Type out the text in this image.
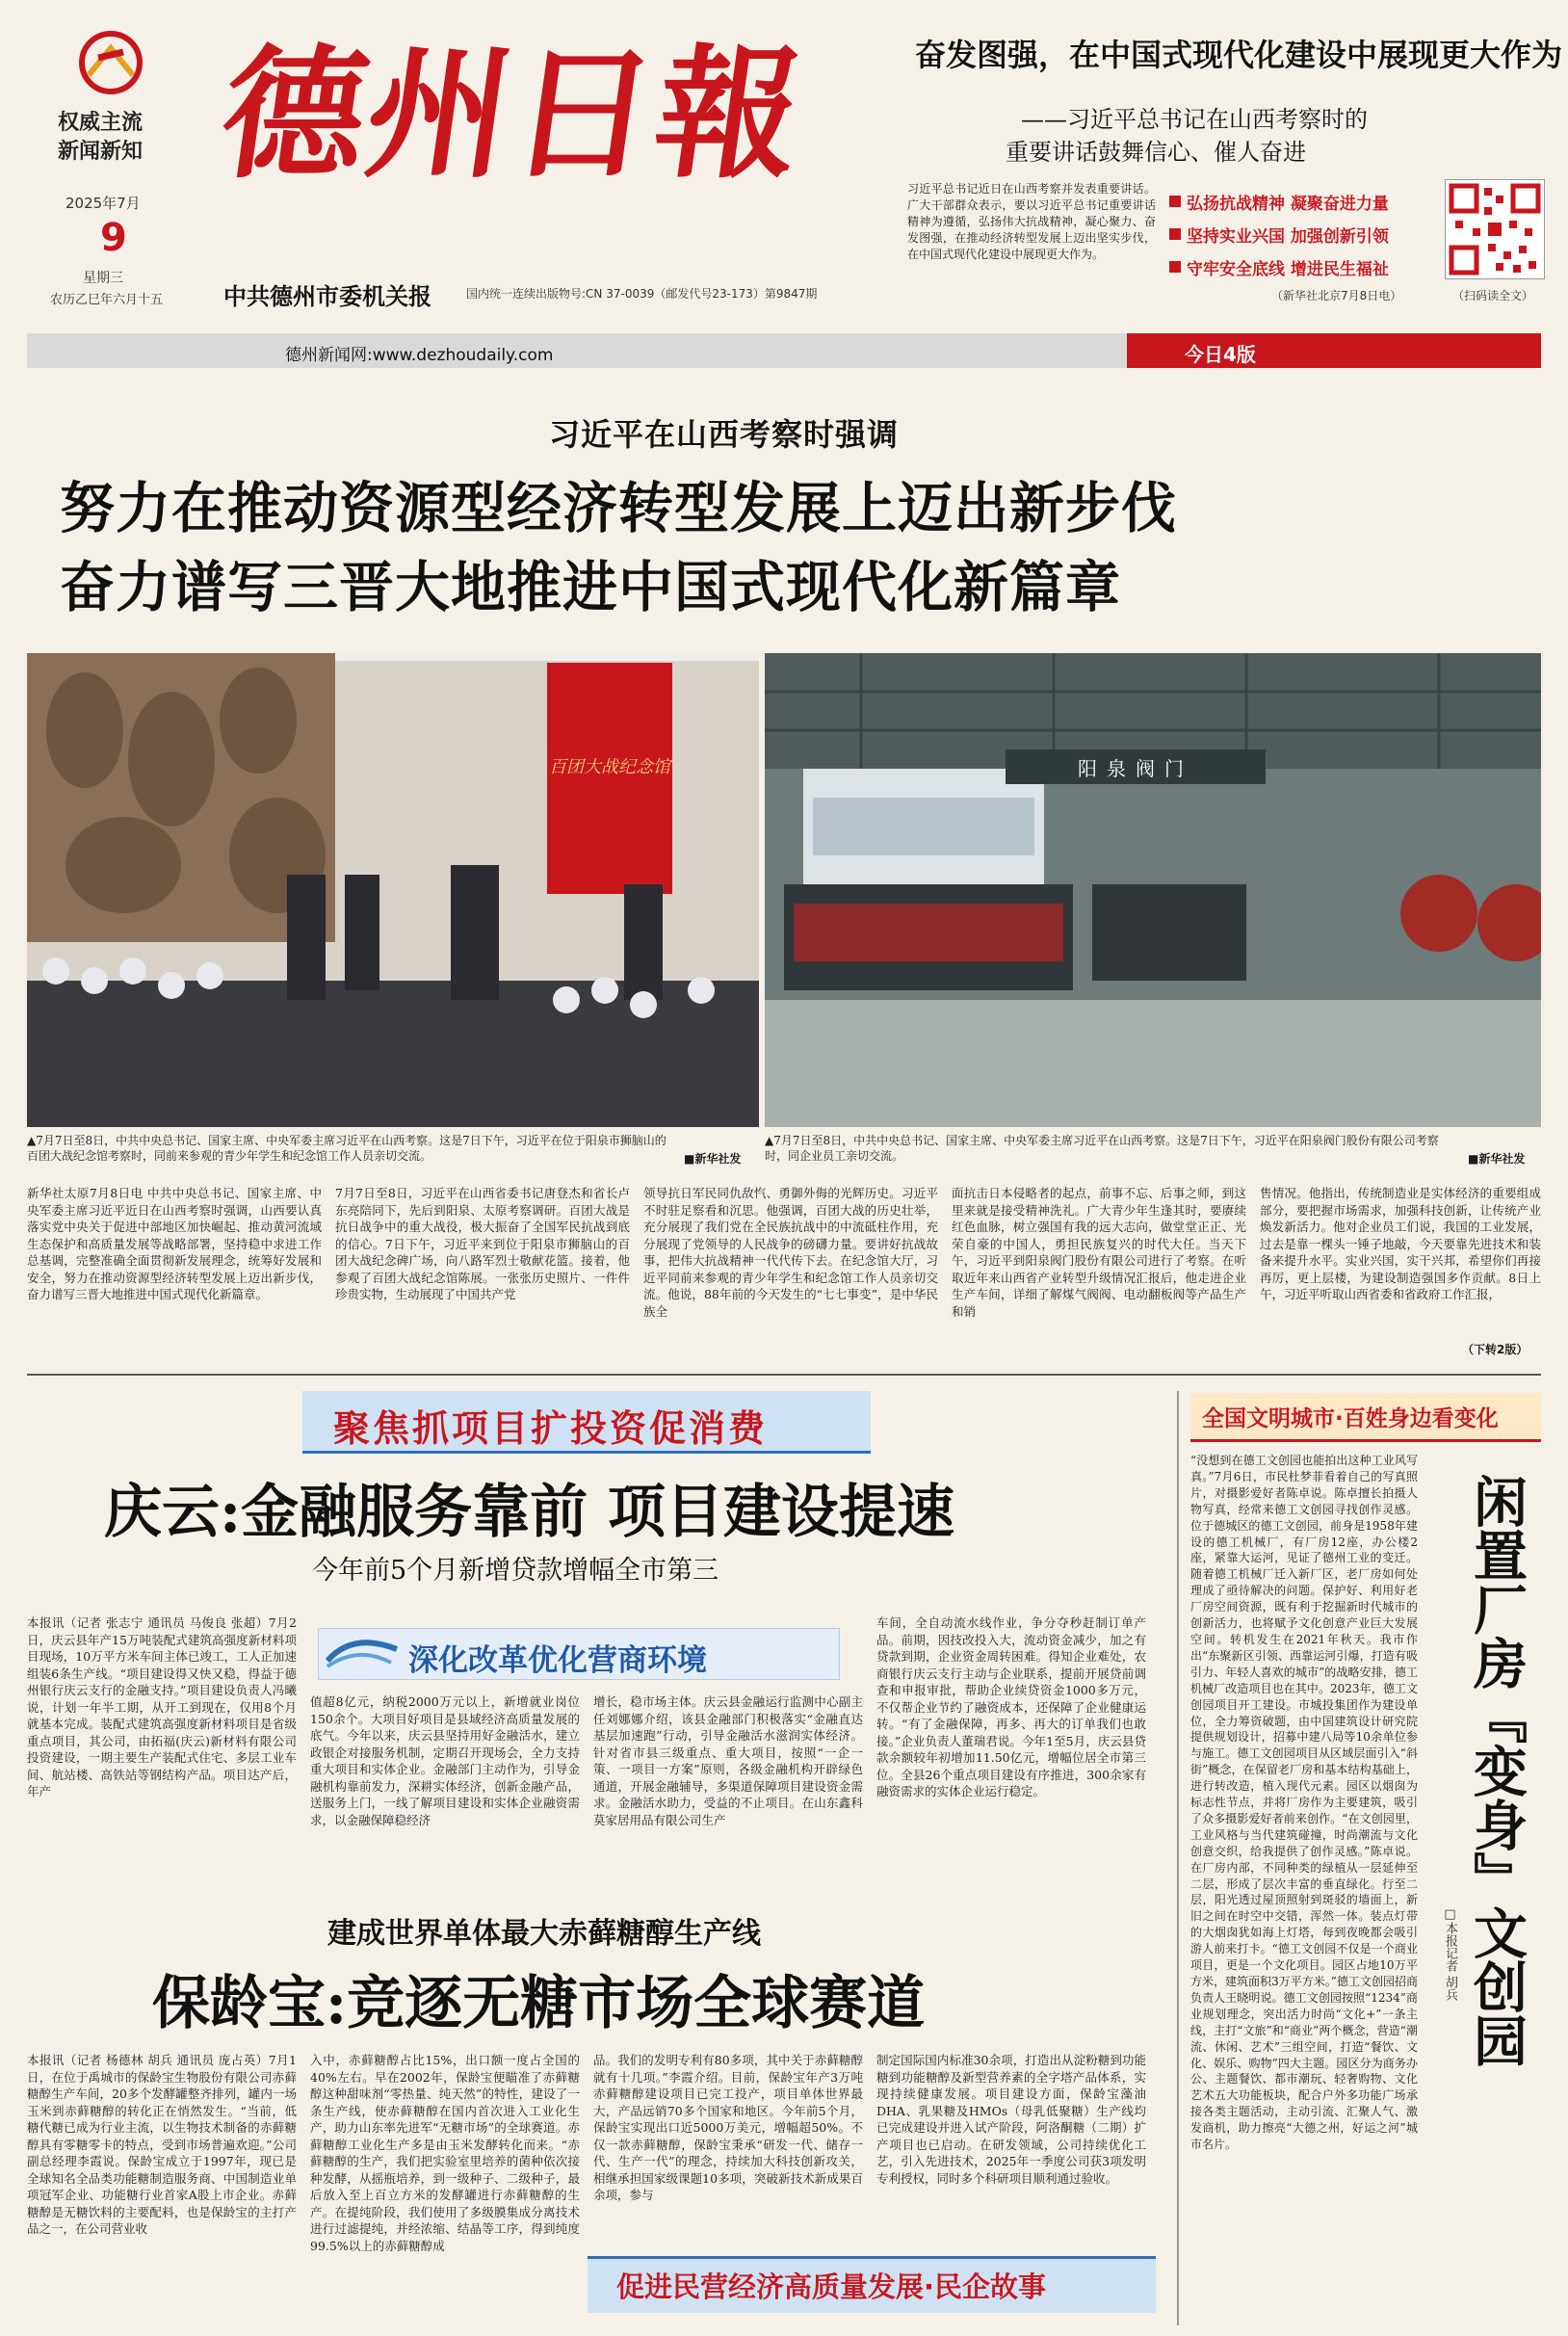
权威主流
新闻新知
2025年7月
9
星期三
农历乙巳年六月十五
德州日報
中共德州市委机关报	国内统一连续出版物号:CN 37-0039（邮发代号23-173）第9847期
奋发图强，在中国式现代化建设中展现更大作为
——习近平总书记在山西考察时的
重要讲话鼓舞信心、催人奋进
习近平总书记近日在山西考察并发表重要讲话。广大干部群众表示，要以习近平总书记重要讲话精神为遵循，弘扬伟大抗战精神，凝心聚力、奋发图强，在推动经济转型发展上迈出坚实步伐，在中国式现代化建设中展现更大作为。
弘扬抗战精神 凝聚奋进力量
坚持实业兴国 加强创新引领
守牢安全底线 增进民生福祉
（新华社北京7月8日电）	（扫码读全文）
德州新闻网:www.dezhoudaily.com	今日4版
习近平在山西考察时强调
努力在推动资源型经济转型发展上迈出新步伐
奋力谱写三晋大地推进中国式现代化新篇章
百团大战纪念馆	阳泉阀门
▲7月7日至8日，中共中央总书记、国家主席、中央军委主席习近平在山西考察。这是7日下午，习近平在位于阳泉市狮脑山的百团大战纪念馆考察时，同前来参观的青少年学生和纪念馆工作人员亲切交流。	■新华社发
▲7月7日至8日，中共中央总书记、国家主席、中央军委主席习近平在山西考察。这是7日下午，习近平在阳泉阀门股份有限公司考察时，同企业员工亲切交流。	■新华社发
新华社太原7月8日电 中共中央总书记、国家主席、中央军委主席习近平近日在山西考察时强调，山西要认真落实党中央关于促进中部地区加快崛起、推动黄河流域生态保护和高质量发展等战略部署，坚持稳中求进工作总基调，完整准确全面贯彻新发展理念，统筹好发展和安全，努力在推动资源型经济转型发展上迈出新步伐，奋力谱写三晋大地推进中国式现代化新篇章。
7月7日至8日，习近平在山西省委书记唐登杰和省长卢东亮陪同下，先后到阳泉、太原考察调研。百团大战是抗日战争中的重大战役，极大振奋了全国军民抗战到底的信心。7日下午，习近平来到位于阳泉市狮脑山的百团大战纪念碑广场，向八路军烈士敬献花篮。接着，他参观了百团大战纪念馆陈展。一张张历史照片、一件件珍贵实物，生动展现了中国共产党
领导抗日军民同仇敌忾、勇御外侮的光辉历史。习近平不时驻足察看和沉思。他强调，百团大战的历史壮举，充分展现了我们党在全民族抗战中的中流砥柱作用，充分展现了党领导的人民战争的磅礴力量。要讲好抗战故事，把伟大抗战精神一代代传下去。在纪念馆大厅，习近平同前来参观的青少年学生和纪念馆工作人员亲切交流。他说，88年前的今天发生的“七七事变”，是中华民族全
面抗击日本侵略者的起点，前事不忘、后事之师，到这里来就是接受精神洗礼。广大青少年生逢其时，要赓续红色血脉，树立强国有我的远大志向，做堂堂正正、光荣自豪的中国人，勇担民族复兴的时代大任。当天下午，习近平到阳泉阀门股份有限公司进行了考察。在听取近年来山西省产业转型升级情况汇报后，他走进企业生产车间，详细了解煤气阀阀、电动翻板阀等产品生产和销
售情况。他指出，传统制造业是实体经济的重要组成部分，要把握市场需求，加强科技创新，让传统产业焕发新活力。他对企业员工们说，我国的工业发展，过去是靠一棵头一锤子地敲，今天要靠先进技术和装备来提升水平。实业兴国，实干兴邦，希望你们再接再厉，更上层楼，为建设制造强国多作贡献。8日上午，习近平听取山西省委和省政府工作汇报，
（下转2版）
聚焦抓项目扩投资促消费
庆云:金融服务靠前 项目建设提速
今年前5个月新增贷款增幅全市第三
深化改革优化营商环境
本报讯（记者 张志宁 通讯员 马俊良 张超）7月2日，庆云县年产15万吨装配式建筑高强度新材料项目现场，10万平方米车间主体已竣工，工人正加速组装6条生产线。“项目建设得又快又稳，得益于德州银行庆云支行的金融支持。”项目建设负责人冯曦说，计划一年半工期，从开工到现在，仅用8个月就基本完成。装配式建筑高强度新材料项目是省级重点项目，其公司，由拓福(庆云)新材料有限公司投资建设，一期主要生产装配式住宅、多层工业车间、航站楼、高铁站等钢结构产品。项目达产后，年产
值超8亿元，纳税2000万元以上，新增就业岗位150余个。大项目好项目是县域经济高质量发展的底气。今年以来，庆云县坚持用好金融活水，建立政银企对接服务机制，定期召开现场会，全力支持重大项目和实体企业。金融部门主动作为，引导金融机构靠前发力，深耕实体经济，创新金融产品，送服务上门，一线了解项目建设和实体企业融资需求，以金融保障稳经济
增长，稳市场主体。庆云县金融运行监测中心副主任刘娜娜介绍，该县金融部门积极落实“金融直达基层加速跑”行动，引导金融活水滋润实体经济。针对省市县三级重点、重大项目，按照“一企一策、一项目一方案”原则，各级金融机构开辟绿色通道，开展金融辅导，多渠道保障项目建设资金需求。金融活水助力，受益的不止项目。在山东鑫科莫家居用品有限公司生产
车间，全自动流水线作业，争分夺秒赶制订单产品。前期，因技改投入大，流动资金减少，加之有贷款到期，企业资金周转困难。得知企业难处，农商银行庆云支行主动与企业联系，提前开展贷前调查和申报审批，帮助企业续贷资金1000多万元，不仅帮企业节约了融资成本，还保障了企业健康运转。“有了金融保障，再多、再大的订单我们也敢接。”企业负责人董瑞君说。今年1至5月，庆云县贷款余额较年初增加11.50亿元，增幅位居全市第三位。全县26个重点项目建设有序推进，300余家有融资需求的实体企业运行稳定。
全国文明城市·百姓身边看变化
“没想到在德工文创园也能拍出这种工业风写真。”7月6日，市民杜梦菲看着自己的写真照片，对摄影爱好者陈卓说。陈卓擅长拍摄人物写真，经常来德工文创园寻找创作灵感。位于德城区的德工文创园，前身是1958年建设的德工机械厂，有厂房12座，办公楼2座，紧靠大运河，见证了德州工业的变迁。随着德工机械厂迁入新厂区，老厂房如何处理成了亟待解决的问题。保护好、利用好老厂房空间资源，既有利于挖掘新时代城市的创新活力，也将赋予文化创意产业巨大发展空间。转机发生在2021年秋天。我市作出“东聚新区引领、西靠运河引爆，打造有吸引力、年轻人喜欢的城市”的战略安排，德工机械厂改造项目也在其中。2023年，德工文创园项目开工建设。市城投集团作为建设单位，全力筹资破题，由中国建筑设计研究院提供规划设计，招募中建八局等10余单位参与施工。德工文创园项目从区域层面引入“斜街”概念，在保留老厂房和基本结构基础上，进行转改造，植入现代元素。园区以烟囱为标志性节点，并将厂房作为主要建筑，吸引了众多摄影爱好者前来创作。“在文创园里，工业风格与当代建筑碰撞，时尚潮流与文化创意交织，给我提供了创作灵感。”陈卓说。在厂房内部，不同种类的绿植从一层延伸至二层，形成了层次丰富的垂直绿化。行至二层，阳光透过屋顶照射到斑驳的墙面上，新旧之间在时空中交错，浑然一体。装点灯带的大烟囱犹如海上灯塔，每到夜晚都会吸引游人前来打卡。“德工文创园不仅是一个商业项目，更是一个文化项目。园区占地10万平方米，建筑面积3万平方米。”德工文创园招商负责人王晓明说。德工文创园按照“1234”商业规划理念，突出活力时尚“文化+”一条主线，主打“文旅”和“商业”两个概念，营造“潮流、休闲、艺术”三组空间，打造“餐饮、文化、娱乐、购物”四大主题。园区分为商务办公、主题餐饮、都市潮玩、轻奢购物、文化艺术五大功能板块，配合户外多功能广场承接各类主题活动，主动引流、汇聚人气、激发商机，助力擦亮“大德之州，好运之河”城市名片。
闲置厂房『变身』文创园
□本报记者 胡兵
建成世界单体最大赤藓糖醇生产线
保龄宝:竞逐无糖市场全球赛道
本报讯（记者 杨德林 胡兵 通讯员 庞占英）7月1日，在位于禹城市的保龄宝生物股份有限公司赤藓糖醇生产车间，20多个发酵罐整齐排列，罐内一场玉米到赤藓糖醇的转化正在悄然发生。“当前，低糖代糖已成为行业主流，以生物技术制备的赤藓糖醇具有零糖零卡的特点，受到市场普遍欢迎。”公司副总经理李霞说。保龄宝成立于1997年，现已是全球知名全品类功能糖制造服务商、中国制造业单项冠军企业、功能糖行业首家A股上市企业。赤藓糖醇是无糖饮料的主要配料，也是保龄宝的主打产品之一，在公司营业收
入中，赤藓糖醇占比15%，出口额一度占全国的40%左右。早在2002年，保龄宝便瞄准了赤藓糖醇这种甜味剂“零热量、纯天然”的特性，建设了一条生产线，使赤藓糖醇在国内首次进入工业化生产，助力山东率先进军“无糖市场”的全球赛道。赤藓糖醇工业化生产多是由玉米发酵转化而来。“赤藓糖醇的生产，我们把实验室里培养的菌种依次接种发酵，从摇瓶培养，到一级种子、二级种子，最后放入至上百立方米的发酵罐进行赤藓糖醇的生产。在提纯阶段，我们使用了多级膜集成分离技术进行过滤提纯，并经浓缩、结晶等工序，得到纯度99.5%以上的赤藓糖醇成
品。我们的发明专利有80多项，其中关于赤藓糖醇就有十几项。”李霞介绍。目前，保龄宝年产3万吨赤藓糖醇建设项目已完工投产，项目单体世界最大，产品远销70多个国家和地区。今年前5个月，保龄宝实现出口近5000万美元，增幅超50%。不仅一款赤藓糖醇，保龄宝秉承“研发一代、储存一代、生产一代”的理念，持续加大科技创新攻关，相继承担国家级课题10多项，突破新技术新成果百余项，参与
制定国际国内标准30余项，打造出从淀粉糖到功能糖到功能糖醇及新型营养素的全字塔产品体系，实现持续健康发展。项目建设方面，保龄宝藻油DHA、乳果糖及HMOs（母乳低聚糖）生产线均已完成建设并进入试产阶段，阿洛酮糖（二期）扩产项目也已启动。在研发领域，公司持续优化工艺，引入先进技术，2025年一季度公司获3项发明专利授权，同时多个科研项目顺利通过验收。
促进民营经济高质量发展·民企故事
